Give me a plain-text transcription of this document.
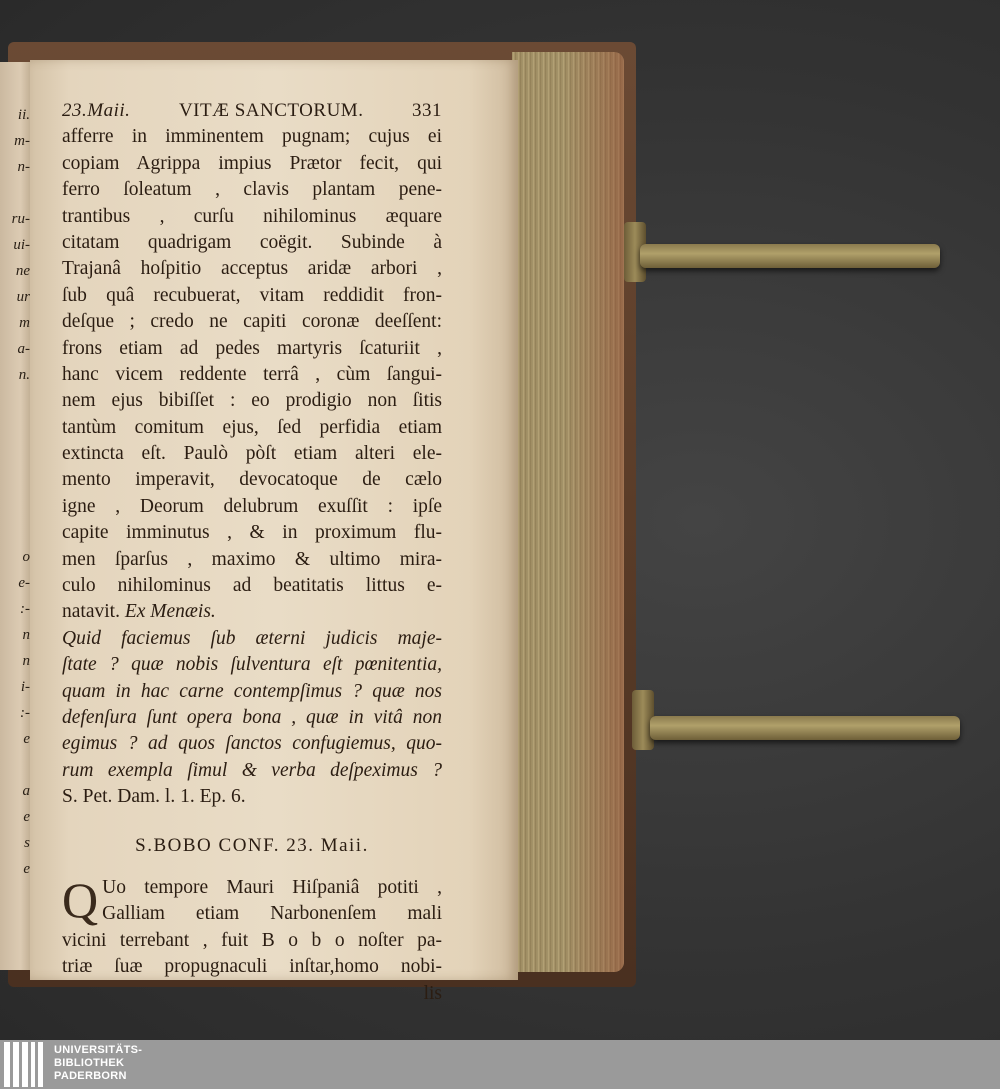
ii.
m-
n-

ru-
ui-
ne
ur
m
a-
n.

o
e-
:-
n
n
i-
:-
e

a
e
s
e
23.Maii.	VITÆ SANCTORUM.	331
afferre in imminentem pugnam; cujus ei
copiam Agrippa impius Prætor fecit, qui
ferro ſoleatum , clavis plantam pene-
trantibus , curſu nihilominus æquare
citatam quadrigam coëgit. Subinde à
Trajanâ hoſpitio acceptus aridæ arbori ,
ſub quâ recubuerat, vitam reddidit fron-
deſque ; credo ne capiti coronæ deeſſent:
frons etiam ad pedes martyris ſcaturiit ,
hanc vicem reddente terrâ , cùm ſangui-
nem ejus bibiſſet : eo prodigio non ſitis
tantùm comitum ejus, ſed perfidia etiam
extincta eſt. Paulò pòſt etiam alteri ele-
mento imperavit, devocatoque de cælo
igne , Deorum delubrum exuſſit : ipſe
capite imminutus , & in proximum flu-
men ſparſus , maximo & ultimo mira-
culo nihilominus ad beatitatis littus e-
natavit. Ex Menæis.
Quid faciemus ſub æterni judicis maje-
ſtate ? quæ nobis ſulventura eſt pœnitentia,
quam in hac carne contempſimus ? quæ nos
defenſura ſunt opera bona , quæ in vitâ non
egimus ? ad quos ſanctos confugiemus, quo-
rum exempla ſimul & verba deſpeximus ?
S. Pet. Dam. l. 1. Ep. 6.
S.BOBO CONF. 23. Maii.
Q Uo tempore Mauri Hiſpaniâ potiti ,
Galliam etiam Narbonenſem mali
vicini terrebant , fuit B o b o noſter pa-
triæ ſuæ propugnaculi inſtar,homo nobi-
lis
UNIVERSITÄTS-
BIBLIOTHEK
PADERBORN
